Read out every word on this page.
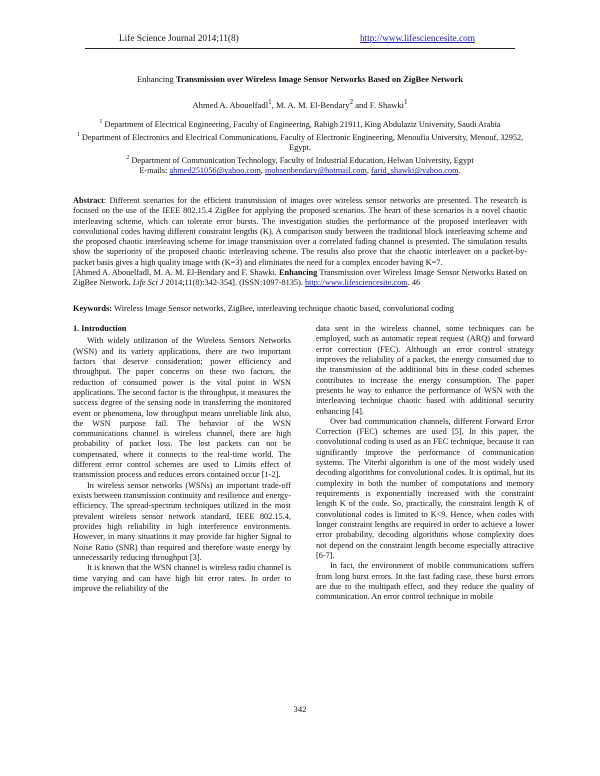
Life Science Journal 2014;11(8)	http://www.lifesciencesite.com
Enhancing Transmission over Wireless Image Sensor Networks Based on ZigBee Network
Ahmed A. Abouelfadl$^1$, M. A. M. El-Bendary$^2$ and F. Shawki$^1$

$^1$ Department of Electrical Engineering, Faculty of Engineering, Rabigh 21911, King Abdulaziz University, Saudi Arabia

$^1$ Department of Electronics and Electrical Communications, Faculty of Electronic Engineering, Menoufia University, Menouf, 32952, Egypt.

$^2$ Department of Communication Technology, Faculty of Industrial Education, Helwan University, Egypt

E-mails: ahmed251056@yahoo.com, mohsenbendary@hotmail.com, farid_shawki@yahoo.com.

Abstract: Different scenarios for the efficient transmission of images over wireless sensor networks are presented. The research is focused on the use of the IEEE 802.15.4 ZigBee for applying the proposed scenarios. The heart of these scenarios is a novel chaotic interleaving scheme, which can tolerate error bursts. The investigation studies the performance of the proposed interleaver with convolutional codes having different constraint lengths (K). A comparison study between the traditional block interleaving scheme and the proposed chaotic interleaving scheme for image transmission over a correlated fading channel is presented. The simulation results show the superiority of the proposed chaotic interleaving scheme. The results also prove that the chaotic interleaver on a packet-by-packet basis gives a high quality image with (K=3) and eliminates the need for a complex encoder having K=7.

[Ahmed A. Abouelfadl, M. A. M. El-Bendary and F. Shawki. Enhancing Transmission over Wireless Image Sensor Networks Based on ZigBee Network. Life Sci J 2014;11(8):342-354]. (ISSN:1097-8135). http://www.lifesciencesite.com. 46

Keywords: Wireless Image Sensor networks, ZigBee, interleaving technique chaotic based, convolutional coding

1. Introduction

With widely utilization of the Wireless Sensors Networks (WSN) and its variety applications, there are two important factors that deserve consideration; power efficiency and throughput. The paper concerns on these two factors, the reduction of consumed power is the vital point in WSN applications. The second factor is the throughput, it measures the success degree of the sensing node in transferring the monitored event or phenomena, low throughput means unreliable link also, the WSN purpose fail. The behavior of the WSN communications channel is wireless channel, there are high probability of packet loss. The lost packets can not be compensated, where it connects to the real-time world. The different error control schemes are used to Limits effect of transmission process and reduces errors contained occur [1-2].

In wireless sensor networks (WSNs) an important trade-off exists between transmission continuity and resilience and energy-efficiency. The spread-spectrum techniques utilized in the most prevalent wireless sensor network standard, IEEE 802.15.4, provides high reliability in high interference environments. However, in many situations it may provide far higher Signal to Noise Ratio (SNR) than required and therefore waste energy by unnecessarily reducing throughput [3].

It is known that the WSN channel is wireless radio channel is time varying and can have high bit error rates. In order to improve the reliability of the

data sent in the wireless channel, some techniques can be employed, such as automatic repeat request (ARQ) and forward error correction (FEC). Although an error control strategy improves the reliability of a packet, the energy consumed due to the transmission of the additional bits in these coded schemes contributes to increase the energy consumption. The paper presents he way to enhance the performance of WSN with the interleaving technique chaotic based with additional security enhancing [4].

Over bad communication channels, different Forward Error Correction (FEC) schemes are used [5]. In this paper, the convolutional coding is used as an FEC technique, because it can significantly improve the performance of communication systems. The Viterbi algorithm is one of the most widely used decoding algorithms for convolutional codes. It is optimal, but its complexity in both the number of computations and memory requirements is exponentially increased with the constraint length K of the code. So, practically, the constraint length K of convolutional codes is limited to K<9. Hence, when codes with longer constraint lengths are required in order to achieve a lower error probability, decoding algorithms whose complexity does not depend on the constraint length become especially attractive [6-7].

In fact, the environment of mobile communications suffers from long burst errors. In the fast fading case, these burst errors are due to the multipath effect, and they reduce the quality of communication. An error control technique in mobile

342
